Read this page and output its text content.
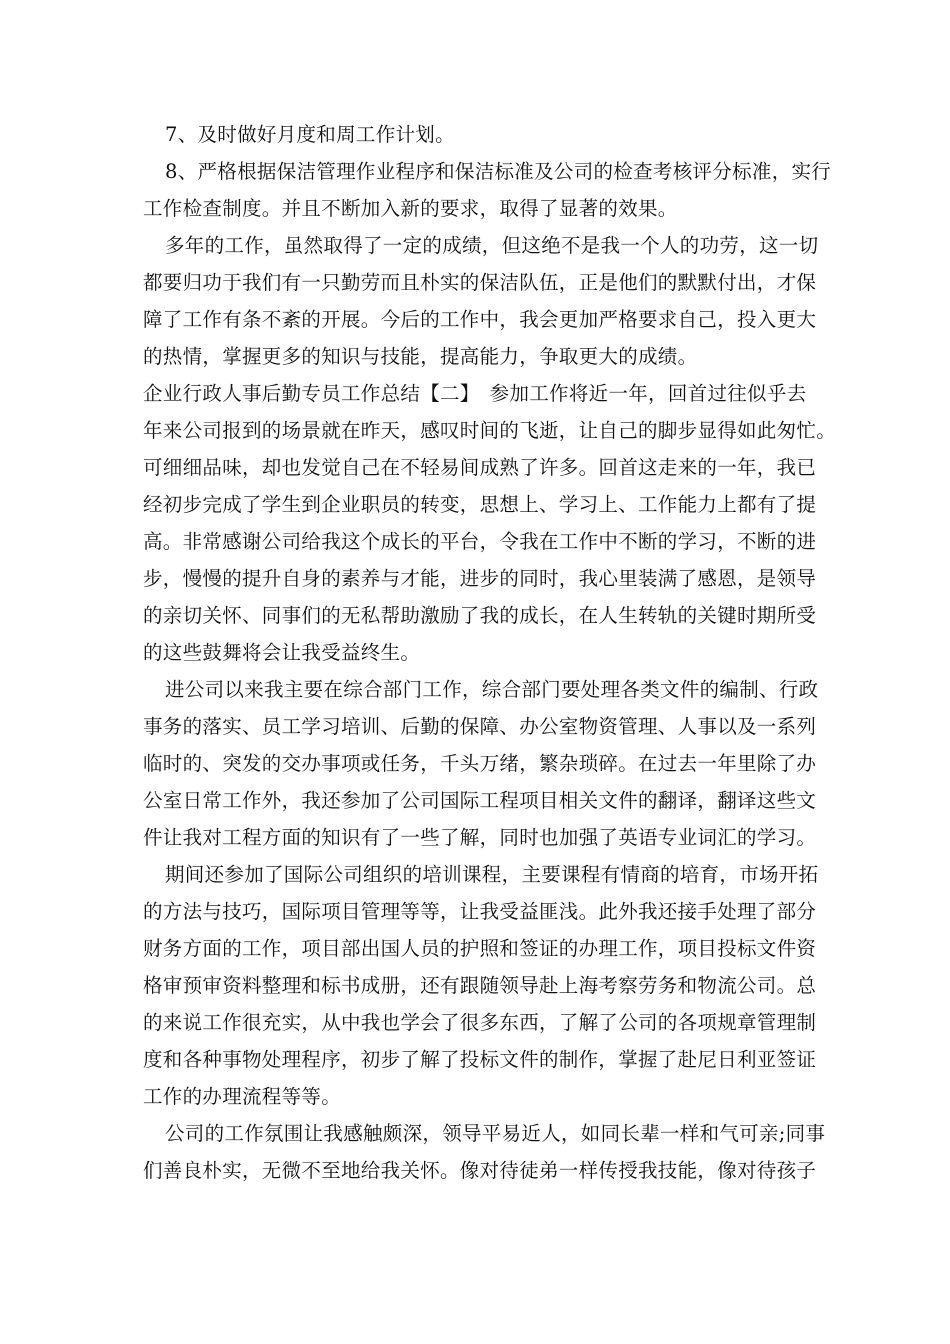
7、及时做好月度和周工作计划。
8、严格根据保洁管理作业程序和保洁标准及公司的检查考核评分标准，实行
工作检查制度。并且不断加入新的要求，取得了显著的效果。
多年的工作，虽然取得了一定的成绩，但这绝不是我一个人的功劳，这一切
都要归功于我们有一只勤劳而且朴实的保洁队伍，正是他们的默默付出，才保
障了工作有条不紊的开展。今后的工作中，我会更加严格要求自己，投入更大
的热情，掌握更多的知识与技能，提高能力，争取更大的成绩。
企业行政人事后勤专员工作总结【二】　参加工作将近一年，回首过往似乎去
年来公司报到的场景就在昨天，感叹时间的飞逝，让自己的脚步显得如此匆忙。
可细细品味，却也发觉自己在不轻易间成熟了许多。回首这走来的一年，我已
经初步完成了学生到企业职员的转变，思想上、学习上、工作能力上都有了提
高。非常感谢公司给我这个成长的平台，令我在工作中不断的学习，不断的进
步，慢慢的提升自身的素养与才能，进步的同时，我心里装满了感恩，是领导
的亲切关怀、同事们的无私帮助激励了我的成长，在人生转轨的关键时期所受
的这些鼓舞将会让我受益终生。
进公司以来我主要在综合部门工作，综合部门要处理各类文件的编制、行政
事务的落实、员工学习培训、后勤的保障、办公室物资管理、人事以及一系列
临时的、突发的交办事项或任务，千头万绪，繁杂琐碎。在过去一年里除了办
公室日常工作外，我还参加了公司国际工程项目相关文件的翻译，翻译这些文
件让我对工程方面的知识有了一些了解，同时也加强了英语专业词汇的学习。
期间还参加了国际公司组织的培训课程，主要课程有情商的培育，市场开拓
的方法与技巧，国际项目管理等等，让我受益匪浅。此外我还接手处理了部分
财务方面的工作，项目部出国人员的护照和签证的办理工作，项目投标文件资
格审预审资料整理和标书成册，还有跟随领导赴上海考察劳务和物流公司。总
的来说工作很充实，从中我也学会了很多东西，了解了公司的各项规章管理制
度和各种事物处理程序，初步了解了投标文件的制作，掌握了赴尼日利亚签证
工作的办理流程等等。
公司的工作氛围让我感触颇深，领导平易近人，如同长辈一样和气可亲;同事
们善良朴实，无微不至地给我关怀。像对待徒弟一样传授我技能，像对待孩子
